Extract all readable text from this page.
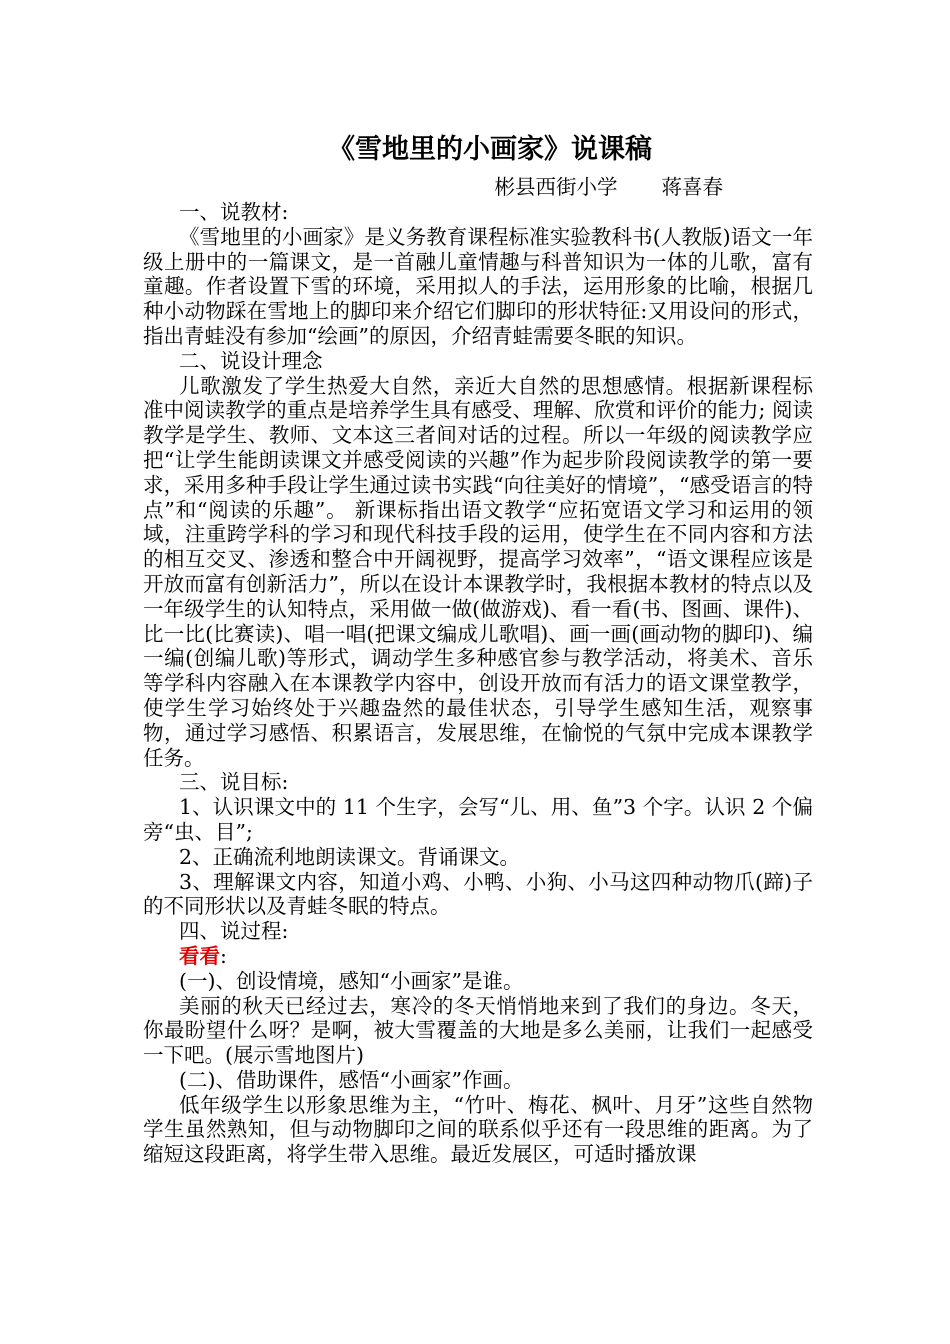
《雪地里的小画家》说课稿

彬县西街小学 蒋喜春

一、说教材:

《雪地里的小画家》是义务教育课程标准实验教科书(人教版)语文一年级上册中的一篇课文，是一首融儿童情趣与科普知识为一体的儿歌，富有童趣。作者设置下雪的环境，采用拟人的手法，运用形象的比喻，根据几种小动物踩在雪地上的脚印来介绍它们脚印的形状特征:又用设问的形式，指出青蛙没有参加“绘画”的原因，介绍青蛙需要冬眠的知识。

二、说设计理念

儿歌激发了学生热爱大自然，亲近大自然的思想感情。根据新课程标准中阅读教学的重点是培养学生具有感受、理解、欣赏和评价的能力; 阅读教学是学生、教师、文本这三者间对话的过程。所以一年级的阅读教学应把“让学生能朗读课文并感受阅读的兴趣”作为起步阶段阅读教学的第一要求，采用多种手段让学生通过读书实践“向往美好的情境”，“感受语言的特点”和“阅读的乐趣”。 新课标指出语文教学“应拓宽语文学习和运用的领域，注重跨学科的学习和现代科技手段的运用，使学生在不同内容和方法的相互交叉、渗透和整合中开阔视野，提高学习效率”，“语文课程应该是开放而富有创新活力”，所以在设计本课教学时，我根据本教材的特点以及一年级学生的认知特点，采用做一做(做游戏)、看一看(书、图画、课件)、比一比(比赛读)、唱一唱(把课文编成儿歌唱)、画一画(画动物的脚印)、编一编(创编儿歌)等形式，调动学生多种感官参与教学活动，将美术、音乐等学科内容融入在本课教学内容中，创设开放而有活力的语文课堂教学，使学生学习始终处于兴趣盎然的最佳状态，引导学生感知生活，观察事物，通过学习感悟、积累语言，发展思维，在愉悦的气氛中完成本课教学任务。

三、说目标:

1、认识课文中的 11 个生字，会写“儿、用、鱼”3 个字。认识 2 个偏旁“虫、目”;

2、正确流利地朗读课文。背诵课文。

3、理解课文内容，知道小鸡、小鸭、小狗、小马这四种动物爪(蹄)子的不同形状以及青蛙冬眠的特点。

四、说过程:

看看:

(一)、创设情境，感知“小画家”是谁。

美丽的秋天已经过去，寒冷的冬天悄悄地来到了我们的身边。冬天，你最盼望什么呀？是啊，被大雪覆盖的大地是多么美丽，让我们一起感受一下吧。(展示雪地图片)

(二)、借助课件，感悟“小画家”作画。

低年级学生以形象思维为主，“竹叶、梅花、枫叶、月牙”这些自然物学生虽然熟知，但与动物脚印之间的联系似乎还有一段思维的距离。为了缩短这段距离，将学生带入思维。最近发展区，可适时播放课
